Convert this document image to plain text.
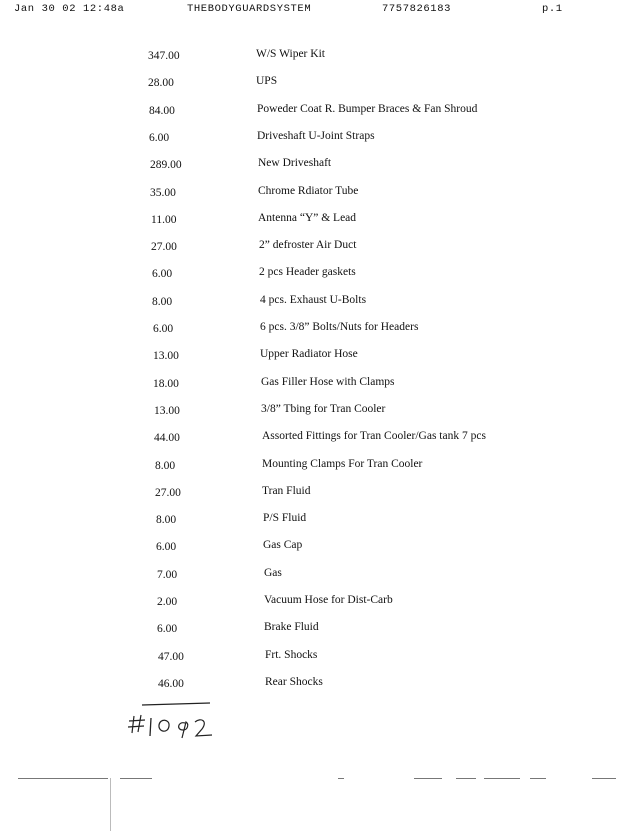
Jan 30 02 12:48a	THEBODYGUARDSYSTEM	7757826183	p.1
347.00	W/S Wiper Kit
28.00	UPS
84.00	Poweder Coat R. Bumper Braces & Fan Shroud
6.00	Driveshaft U-Joint Straps
289.00	New Driveshaft
35.00	Chrome Rdiator Tube
11.00	Antenna “Y” & Lead
27.00	2” defroster Air Duct
6.00	2 pcs Header gaskets
8.00	4 pcs. Exhaust U-Bolts
6.00	6 pcs. 3/8” Bolts/Nuts for Headers
13.00	Upper Radiator Hose
18.00	Gas Filler Hose with Clamps
13.00	3/8” Tbing for Tran Cooler
44.00	Assorted Fittings for Tran Cooler/Gas tank 7 pcs
8.00	Mounting Clamps For Tran Cooler
27.00	Tran Fluid
8.00	P/S Fluid
6.00	Gas Cap
7.00	Gas
2.00	Vacuum Hose for Dist-Carb
6.00	Brake Fluid
47.00	Frt. Shocks
46.00	Rear Shocks
